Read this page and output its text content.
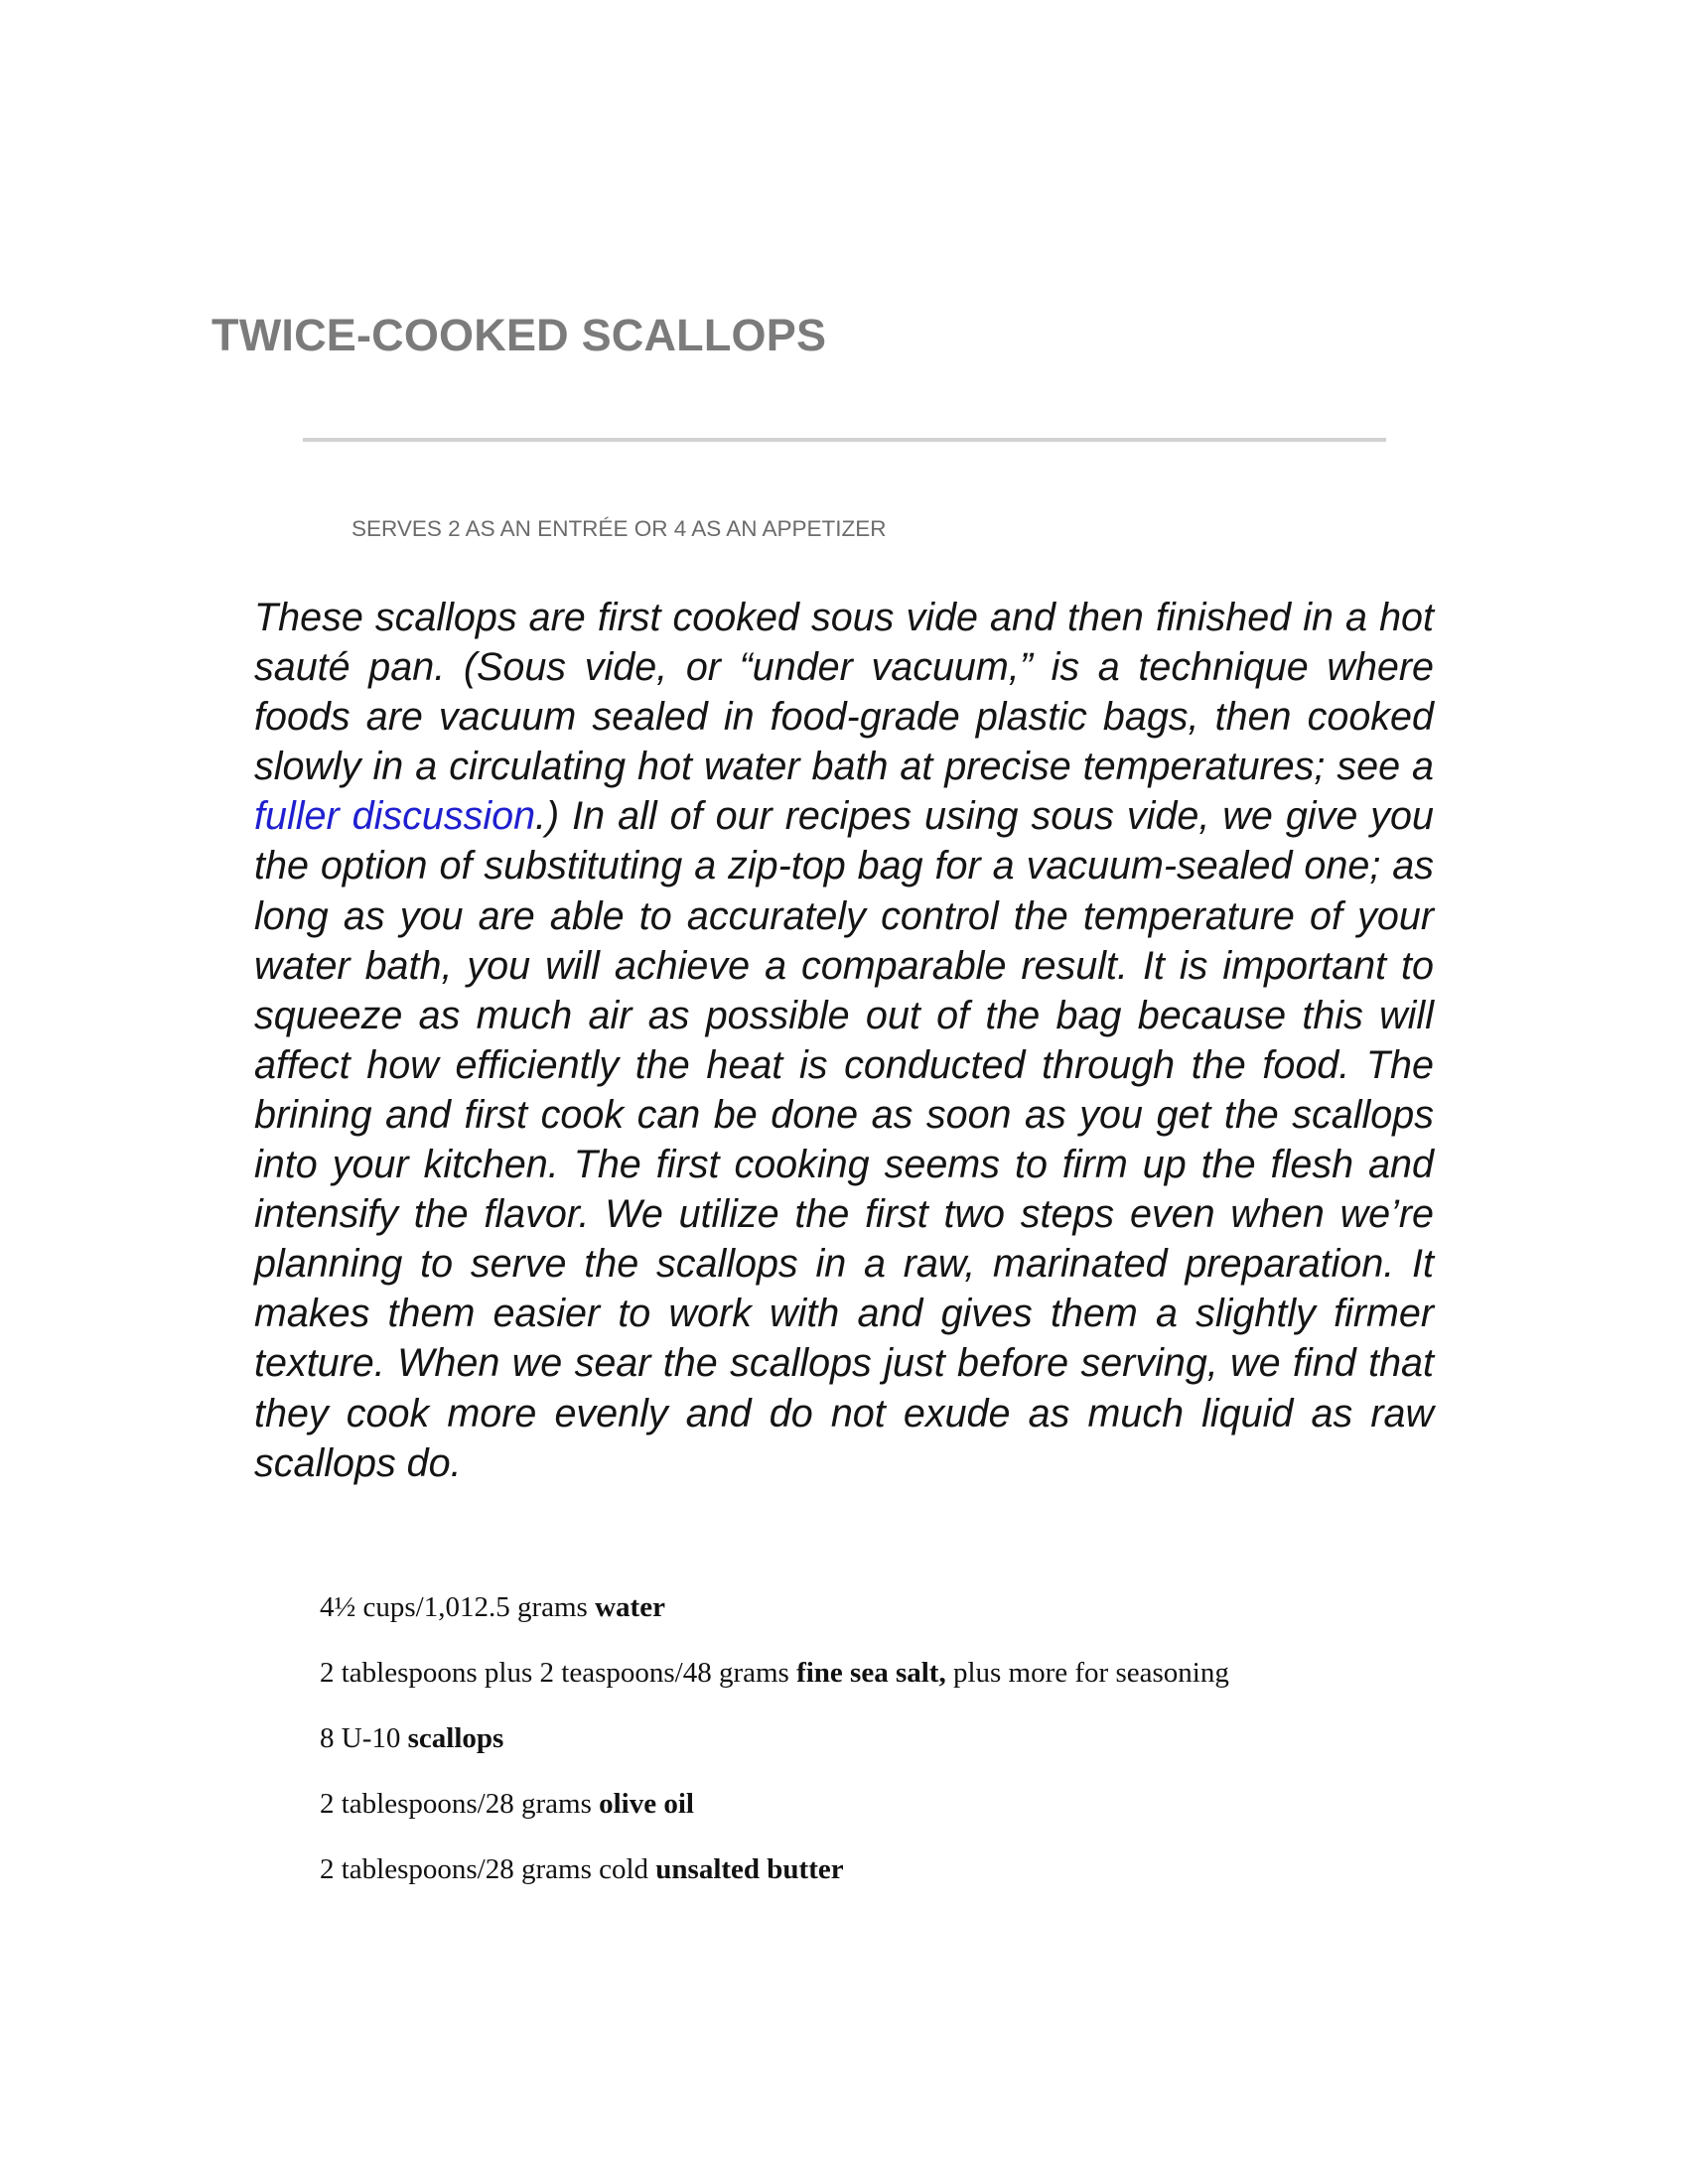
TWICE-COOKED SCALLOPS

SERVES 2 AS AN ENTRÉE OR 4 AS AN APPETIZER

These scallops are first cooked sous vide and then finished in a hot sauté pan. (Sous vide, or “under vacuum,” is a technique where foods are vacuum sealed in food-grade plastic bags, then cooked slowly in a circulating hot water bath at precise temperatures; see a fuller discussion.) In all of our recipes using sous vide, we give you the option of substituting a zip-top bag for a vacuum-sealed one; as long as you are able to accurately control the temperature of your water bath, you will achieve a comparable result. It is important to squeeze as much air as possible out of the bag because this will affect how efficiently the heat is conducted through the food. The brining and first cook can be done as soon as you get the scallops into your kitchen. The first cooking seems to firm up the flesh and intensify the flavor. We utilize the first two steps even when we’re planning to serve the scallops in a raw, marinated preparation. It makes them easier to work with and gives them a slightly firmer texture. When we sear the scallops just before serving, we find that they cook more evenly and do not exude as much liquid as raw scallops do.

4½ cups/1,012.5 grams water
2 tablespoons plus 2 teaspoons/48 grams fine sea salt, plus more for seasoning
8 U-10 scallops
2 tablespoons/28 grams olive oil
2 tablespoons/28 grams cold unsalted butter
